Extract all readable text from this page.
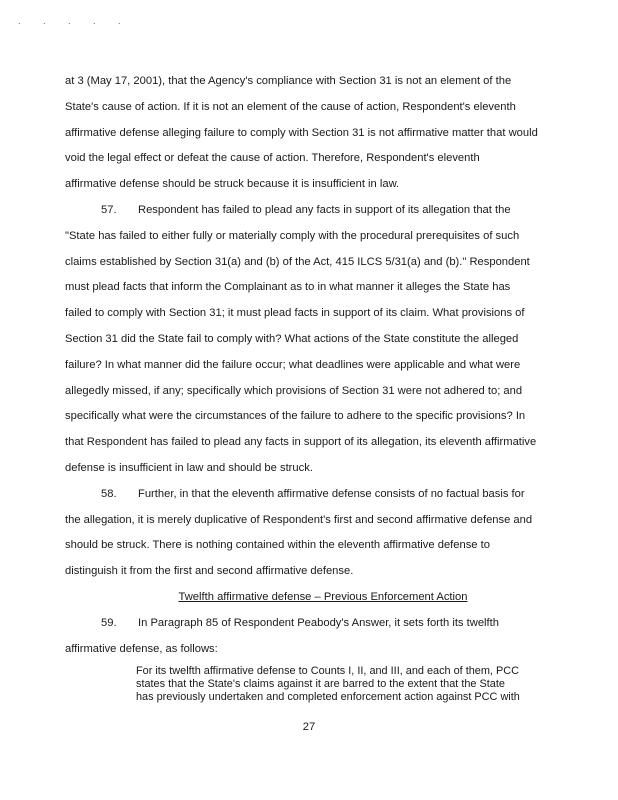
. . . . .
at 3 (May 17, 2001), that the Agency's compliance with Section 31 is not an element of the
State's cause of action. If it is not an element of the cause of action, Respondent's eleventh
affirmative defense alleging failure to comply with Section 31 is not affirmative matter that would
void the legal effect or defeat the cause of action. Therefore, Respondent's eleventh
affirmative defense should be struck because it is insufficient in law.
57. Respondent has failed to plead any facts in support of its allegation that the
"State has failed to either fully or materially comply with the procedural prerequisites of such
claims established by Section 31(a) and (b) of the Act, 415 ILCS 5/31(a) and (b)." Respondent
must plead facts that inform the Complainant as to in what manner it alleges the State has
failed to comply with Section 31; it must plead facts in support of its claim. What provisions of
Section 31 did the State fail to comply with? What actions of the State constitute the alleged
failure? In what manner did the failure occur; what deadlines were applicable and what were
allegedly missed, if any; specifically which provisions of Section 31 were not adhered to; and
specifically what were the circumstances of the failure to adhere to the specific provisions? In
that Respondent has failed to plead any facts in support of its allegation, its eleventh affirmative
defense is insufficient in law and should be struck.
58. Further, in that the eleventh affirmative defense consists of no factual basis for
the allegation, it is merely duplicative of Respondent's first and second affirmative defense and
should be struck. There is nothing contained within the eleventh affirmative defense to
distinguish it from the first and second affirmative defense.
Twelfth affirmative defense – Previous Enforcement Action
59. In Paragraph 85 of Respondent Peabody's Answer, it sets forth its twelfth
affirmative defense, as follows:
For its twelfth affirmative defense to Counts I, II, and III, and each of them, PCC
states that the State's claims against it are barred to the extent that the State
has previously undertaken and completed enforcement action against PCC with
27
